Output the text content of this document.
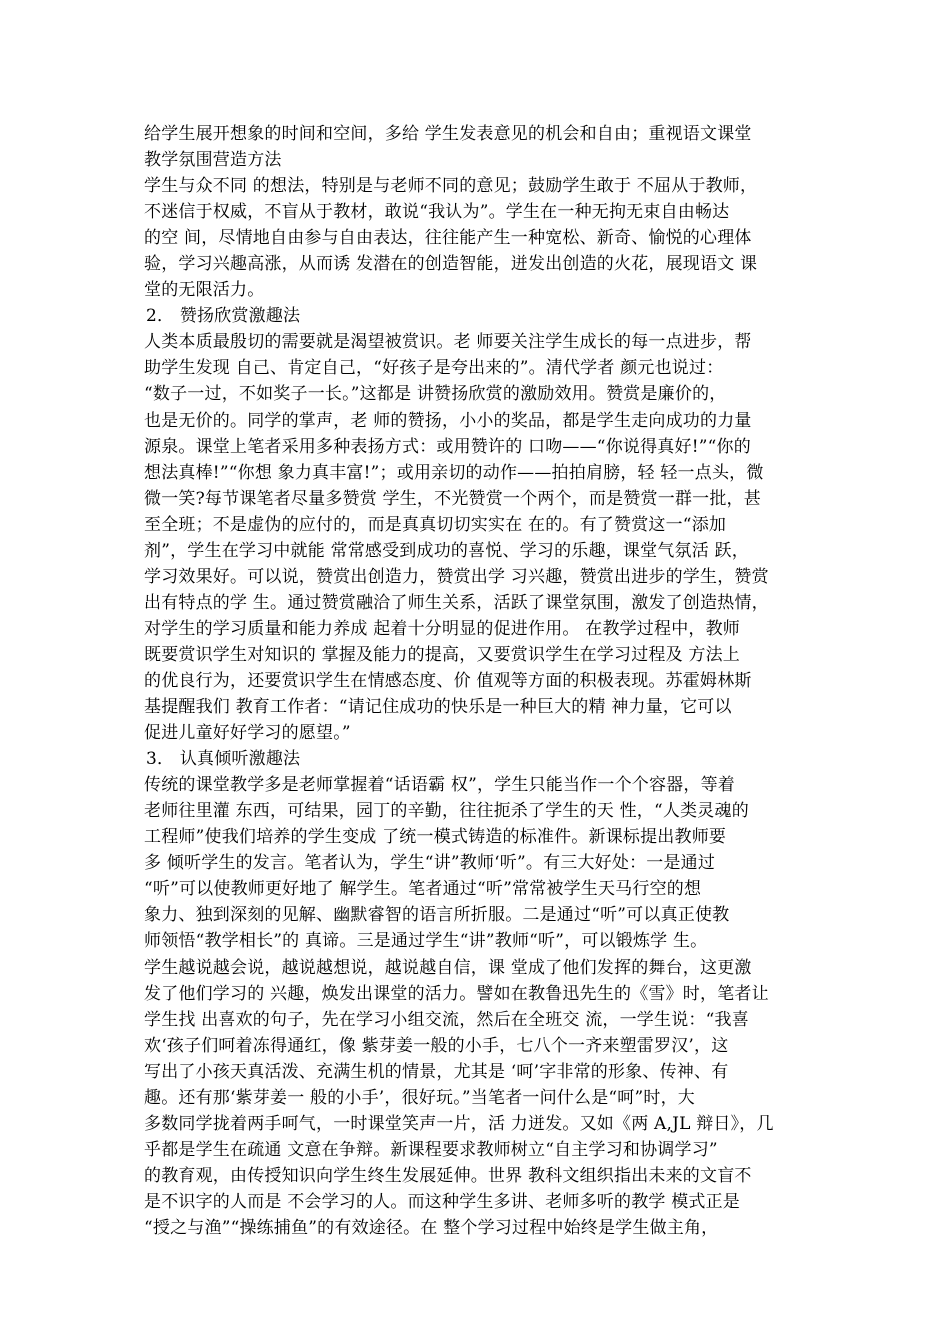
给学生展开想象的时间和空间，多给 学生发表意见的机会和自由；重视语文课堂
教学氛围营造方法
学生与众不同 的想法，特别是与老师不同的意见；鼓励学生敢于 不屈从于教师，
不迷信于权威，不盲从于教材，敢说“我认为”。学生在一种无拘无束自由畅达
的空 间，尽情地自由参与自由表达，往往能产生一种宽松、新奇、愉悦的心理体
验，学习兴趣高涨，从而诱 发潜在的创造智能，迸发出创造的火花，展现语文 课
堂的无限活力。
2． 赞扬欣赏激趣法
人类本质最殷切的需要就是渴望被赏识。老 师要关注学生成长的每一点进步，帮
助学生发现 自己、肯定自己，“好孩子是夸出来的”。清代学者 颜元也说过：
“数子一过，不如奖子一长。”这都是 讲赞扬欣赏的激励效用。赞赏是廉价的，
也是无价的。同学的掌声，老 师的赞扬，小小的奖品，都是学生走向成功的力量
源泉。课堂上笔者采用多种表扬方式：或用赞许的 口吻——“你说得真好!”“你的
想法真棒!”“你想 象力真丰富!”；或用亲切的动作——拍拍肩膀，轻 轻一点头，微
微一笑?每节课笔者尽量多赞赏 学生，不光赞赏一个两个，而是赞赏一群一批，甚
至全班；不是虚伪的应付的，而是真真切切实实在 在的。有了赞赏这一“添加
剂”，学生在学习中就能 常常感受到成功的喜悦、学习的乐趣，课堂气氛活 跃，
学习效果好。可以说，赞赏出创造力，赞赏出学 习兴趣，赞赏出进步的学生，赞赏
出有特点的学 生。通过赞赏融洽了师生关系，活跃了课堂氛围，激发了创造热情，
对学生的学习质量和能力养成 起着十分明显的促进作用。 在教学过程中，教师
既要赏识学生对知识的 掌握及能力的提高，又要赏识学生在学习过程及 方法上
的优良行为，还要赏识学生在情感态度、价 值观等方面的积极表现。苏霍姆林斯
基提醒我们 教育工作者：“请记住成功的快乐是一种巨大的精 神力量，它可以
促进儿童好好学习的愿望。”
3． 认真倾听激趣法
传统的课堂教学多是老师掌握着“话语霸 权”，学生只能当作一个个容器，等着
老师往里灌 东西，可结果，园丁的辛勤，往往扼杀了学生的天 性，“人类灵魂的
工程师”使我们培养的学生变成 了统一模式铸造的标准件。新课标提出教师要
多 倾听学生的发言。笔者认为，学生“讲”教师‘听”。有三大好处：一是通过
“听”可以使教师更好地了 解学生。笔者通过“听”常常被学生天马行空的想
象力、独到深刻的见解、幽默睿智的语言所折服。二是通过“听”可以真正使教
师领悟“教学相长”的 真谛。三是通过学生“讲”教师“听”，可以锻炼学 生。
学生越说越会说，越说越想说，越说越自信，课 堂成了他们发挥的舞台，这更激
发了他们学习的 兴趣，焕发出课堂的活力。譬如在教鲁迅先生的《雪》时，笔者让
学生找 出喜欢的句子，先在学习小组交流，然后在全班交 流，一学生说：“我喜
欢‘孩子们呵着冻得通红，像 紫芽姜一般的小手，七八个一齐来塑雷罗汉’，这
写出了小孩天真活泼、充满生机的情景，尤其是 ‘呵’字非常的形象、传神、有
趣。还有那‘紫芽姜一 般的小手’，很好玩。”当笔者一问什么是“呵”时，大
多数同学拢着两手呵气，一时课堂笑声一片，活 力迸发。又如《两 A,JL 辩日》，几
乎都是学生在疏通 文意在争辩。新课程要求教师树立“自主学习和协调学习”
的教育观，由传授知识向学生终生发展延伸。世界 教科文组织指出未来的文盲不
是不识字的人而是 不会学习的人。而这种学生多讲、老师多听的教学 模式正是
“授之与渔”“操练捕鱼”的有效途径。在 整个学习过程中始终是学生做主角，
